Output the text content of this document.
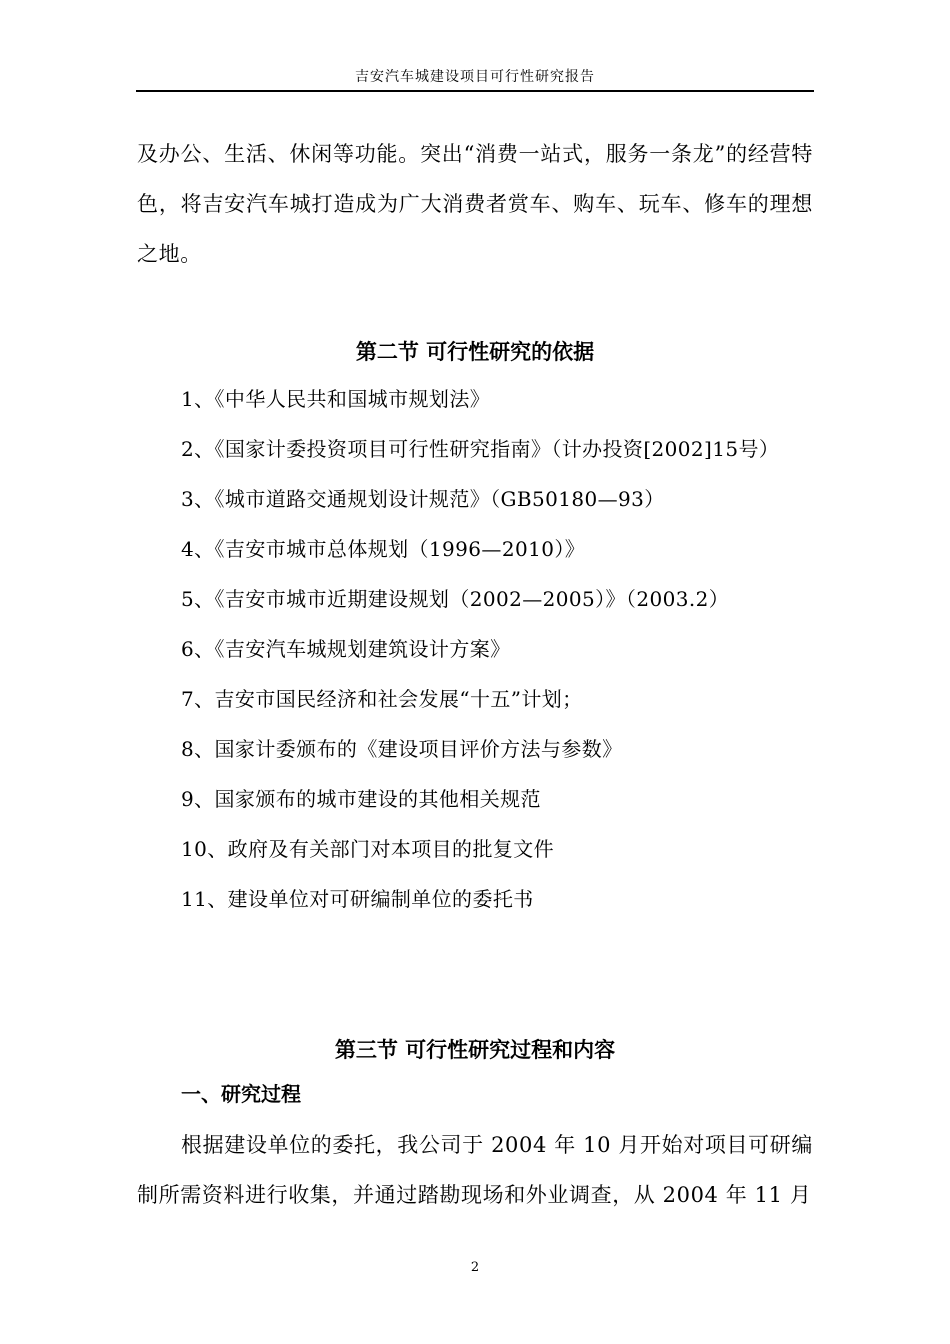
吉安汽车城建设项目可行性研究报告
及办公、生活、休闲等功能。突出“消费一站式，服务一条龙”的经营特色，将吉安汽车城打造成为广大消费者赏车、购车、玩车、修车的理想之地。
第二节 可行性研究的依据
1、《中华人民共和国城市规划法》
2、《国家计委投资项目可行性研究指南》（计办投资[2002]15号）
3、《城市道路交通规划设计规范》（GB50180—93）
4、《吉安市城市总体规划（1996—2010）》
5、《吉安市城市近期建设规划（2002—2005）》（2003.2）
6、《吉安汽车城规划建筑设计方案》
7、吉安市国民经济和社会发展“十五”计划；
8、国家计委颁布的《建设项目评价方法与参数》
9、国家颁布的城市建设的其他相关规范
10、政府及有关部门对本项目的批复文件
11、建设单位对可研编制单位的委托书
第三节 可行性研究过程和内容
一、研究过程
根据建设单位的委托，我公司于 2004 年 10 月开始对项目可研编制所需资料进行收集，并通过踏勘现场和外业调查，从 2004 年 11 月
2
